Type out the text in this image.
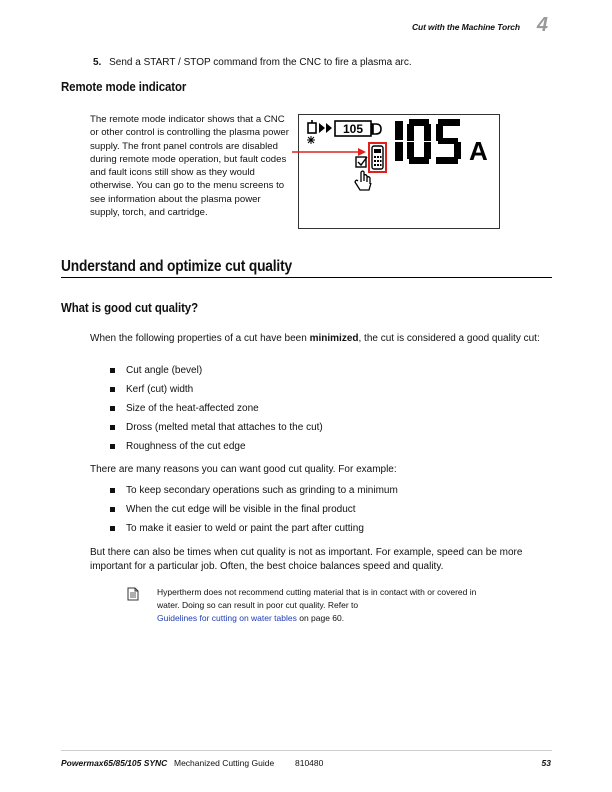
Cut with the Machine Torch 4
5. Send a START / STOP command from the CNC to fire a plasma arc.
Remote mode indicator
The remote mode indicator shows that a CNC or other control is controlling the plasma power supply. The front panel controls are disabled during remote mode operation, but fault codes and fault icons still show as they would otherwise. You can go to the menu screens to see information about the plasma power supply, torch, and cartridge.
105
A
Understand and optimize cut quality
What is good cut quality?
When the following properties of a cut have been minimized, the cut is considered a good quality cut:
Cut angle (bevel)
Kerf (cut) width
Size of the heat-affected zone
Dross (melted metal that attaches to the cut)
Roughness of the cut edge
There are many reasons you can want good cut quality. For example:
To keep secondary operations such as grinding to a minimum
When the cut edge will be visible in the final product
To make it easier to weld or paint the part after cutting
But there can also be times when cut quality is not as important. For example, speed can be more important for a particular job. Often, the best choice balances speed and quality.
Hypertherm does not recommend cutting material that is in contact with or covered in water. Doing so can result in poor cut quality. Refer to
Guidelines for cutting on water tables on page 60.
Powermax65/85/105 SYNC Mechanized Cutting Guide 810480	53
